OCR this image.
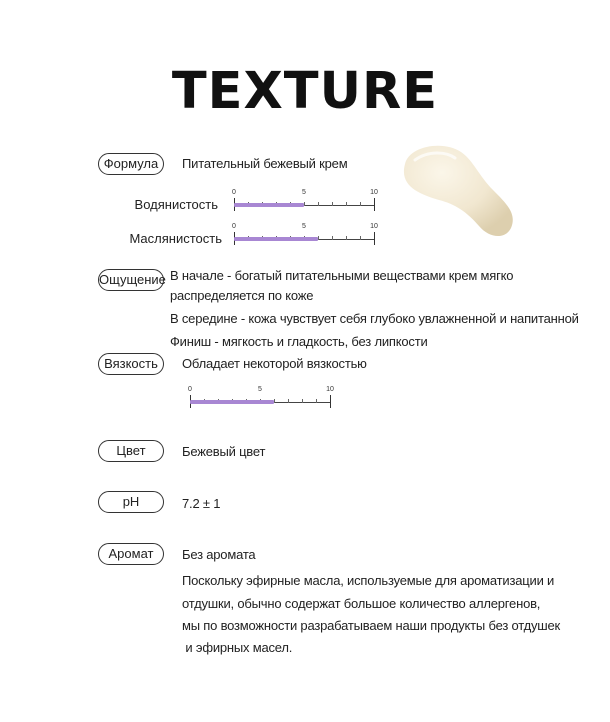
TEXTURE
Формула	Питательный бежевый крем
Водянистость
0	5	10
Маслянистость
0	5	10
Ощущение В начале - богатый питательными веществами крем мягко
распределяется по коже
В середине - кожа чувствует себя глубоко увлажненной и напитанной
Финиш - мягкость и гладкость, без липкости
Вязкость	Обладает некоторой вязкостью
0	5	10
Цвет	Бежевый цвет
pH	7.2 ± 1
Аромат	Без аромата
Поскольку эфирные масла, используемые для ароматизации и
отдушки, обычно содержат большое количество аллергенов,
мы по возможности разрабатываем наши продукты без отдушек
и эфирных масел.
